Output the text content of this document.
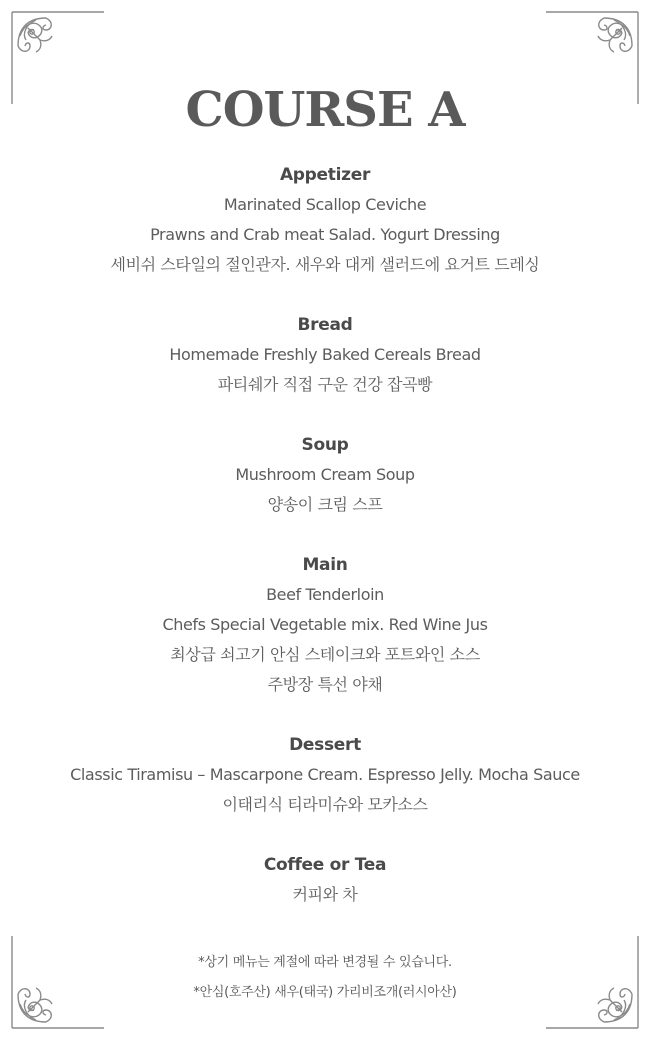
COURSE A
Appetizer
Marinated Scallop Ceviche
Prawns and Crab meat Salad. Yogurt Dressing
세비쉬 스타일의 절인관자. 새우와 대게 샐러드에 요거트 드레싱
Bread
Homemade Freshly Baked Cereals Bread
파티쉐가 직접 구운 건강 잡곡빵
Soup
Mushroom Cream Soup
양송이 크림 스프
Main
Beef Tenderloin
Chefs Special Vegetable mix. Red Wine Jus
최상급 쇠고기 안심 스테이크와 포트와인 소스
주방장 특선 야채
Dessert
Classic Tiramisu – Mascarpone Cream. Espresso Jelly. Mocha Sauce
이태리식 티라미슈와 모카소스
Coffee or Tea
커피와 차
*상기 메뉴는 계절에 따라 변경될 수 있습니다.
*안심(호주산) 새우(태국) 가리비조개(러시아산)
